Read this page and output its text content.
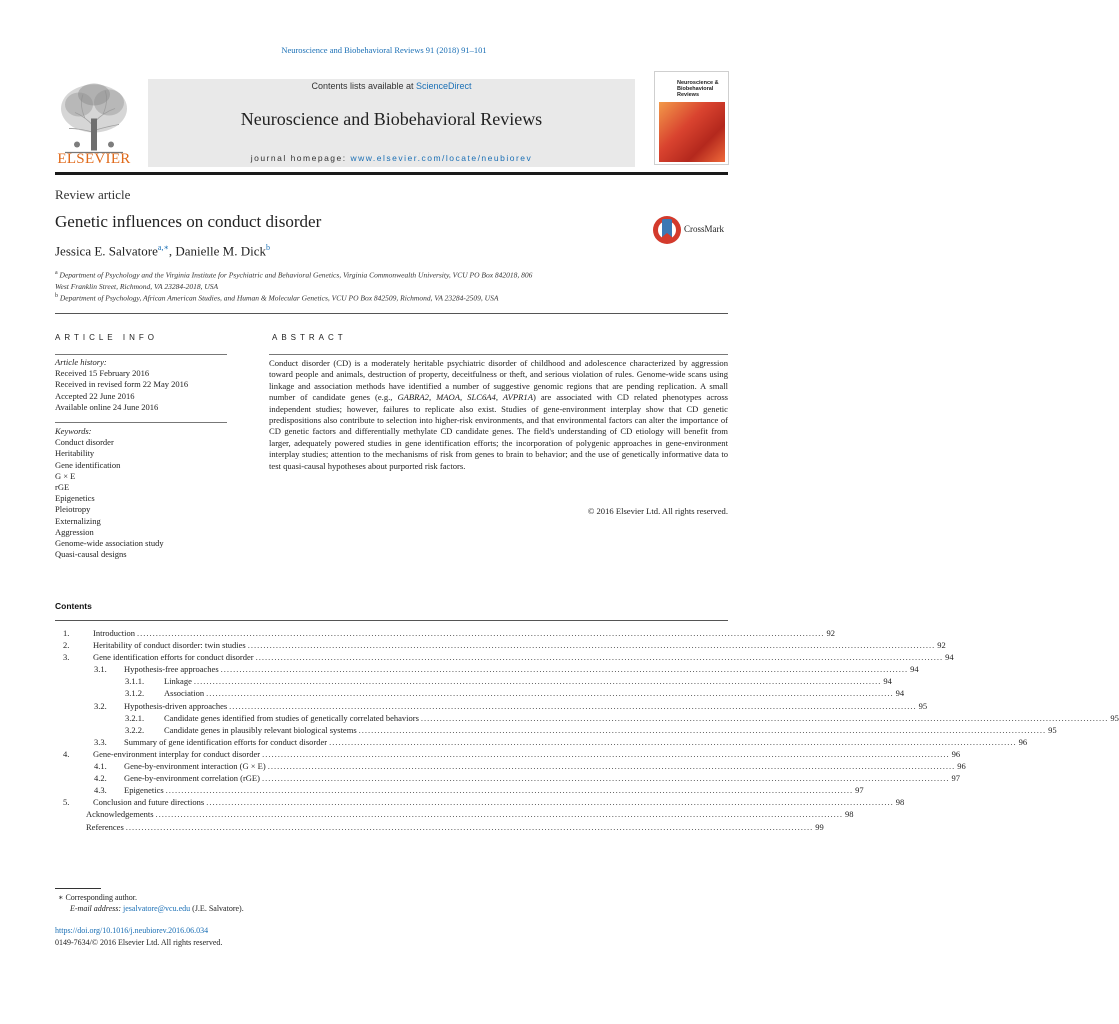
Neuroscience and Biobehavioral Reviews 91 (2018) 91–101
ELSEVIER
Contents lists available at ScienceDirect
Neuroscience and Biobehavioral Reviews
journal homepage: www.elsevier.com/locate/neubiorev
Neuroscience & Biobehavioral Reviews
Review article
Genetic influences on conduct disorder	CrossMark
Jessica E. Salvatore$^{a,∗}$, Danielle M. Dick$^b$
$^a$ Department of Psychology and the Virginia Institute for Psychiatric and Behavioral Genetics, Virginia Commonwealth University, VCU PO Box 842018, 806
West Franklin Street, Richmond, VA 23284-2018, USA
$^b$ Department of Psychology, African American Studies, and Human & Molecular Genetics, VCU PO Box 842509, Richmond, VA 23284-2509, USA
ARTICLE INFO
Article history:
Received 15 February 2016
Received in revised form 22 May 2016
Accepted 22 June 2016
Available online 24 June 2016
Keywords:
Conduct disorder
Heritability
Gene identification
G × E
rGE
Epigenetics
Pleiotropy
Externalizing
Aggression
Genome-wide association study
Quasi-causal designs
ABSTRACT
Conduct disorder (CD) is a moderately heritable psychiatric disorder of childhood and adolescence characterized by aggression toward people and animals, destruction of property, deceitfulness or theft, and serious violation of rules. Genome-wide scans using linkage and association methods have identified a number of suggestive genomic regions that are pending replication. A small number of candidate genes (e.g., GABRA2, MAOA, SLC6A4, AVPR1A) are associated with CD related phenotypes across independent studies; however, failures to replicate also exist. Studies of gene-environment interplay show that CD genetic predispositions also contribute to selection into higher-risk environments, and that environmental factors can alter the importance of CD genetic factors and differentially methylate CD candidate genes. The field's understanding of CD etiology will benefit from larger, adequately powered studies in gene identification efforts; the incorporation of polygenic approaches in gene-environment interplay studies; attention to the mechanisms of risk from genes to brain to behavior; and the use of genetically informative data to test quasi-causal hypotheses about purported risk factors.
© 2016 Elsevier Ltd. All rights reserved.
Contents
1.	Introduction ............................................................................................................................................................................................................................ 92
2.	Heritability of conduct disorder: twin studies ............................................................................................................................................................................................................................ 92
3.	Gene identification efforts for conduct disorder ............................................................................................................................................................................................................................ 94
3.1.	Hypothesis-free approaches ............................................................................................................................................................................................................................ 94
3.1.1.	Linkage ............................................................................................................................................................................................................................ 94
3.1.2.	Association ............................................................................................................................................................................................................................ 94
3.2.	Hypothesis-driven approaches ............................................................................................................................................................................................................................ 95
3.2.1.	Candidate genes identified from studies of genetically correlated behaviors ............................................................................................................................................................................................................................ 95
3.2.2.	Candidate genes in plausibly relevant biological systems ............................................................................................................................................................................................................................ 95
3.3.	Summary of gene identification efforts for conduct disorder ............................................................................................................................................................................................................................ 96
4.	Gene-environment interplay for conduct disorder ............................................................................................................................................................................................................................ 96
4.1.	Gene-by-environment interaction (G × E) ............................................................................................................................................................................................................................ 96
4.2.	Gene-by-environment correlation (rGE) ............................................................................................................................................................................................................................ 97
4.3.	Epigenetics ............................................................................................................................................................................................................................ 97
5.	Conclusion and future directions ............................................................................................................................................................................................................................ 98
Acknowledgements ............................................................................................................................................................................................................................ 98
References ............................................................................................................................................................................................................................ 99
∗ Corresponding author.
E-mail address: jesalvatore@vcu.edu (J.E. Salvatore).
https://doi.org/10.1016/j.neubiorev.2016.06.034
0149-7634/© 2016 Elsevier Ltd. All rights reserved.
